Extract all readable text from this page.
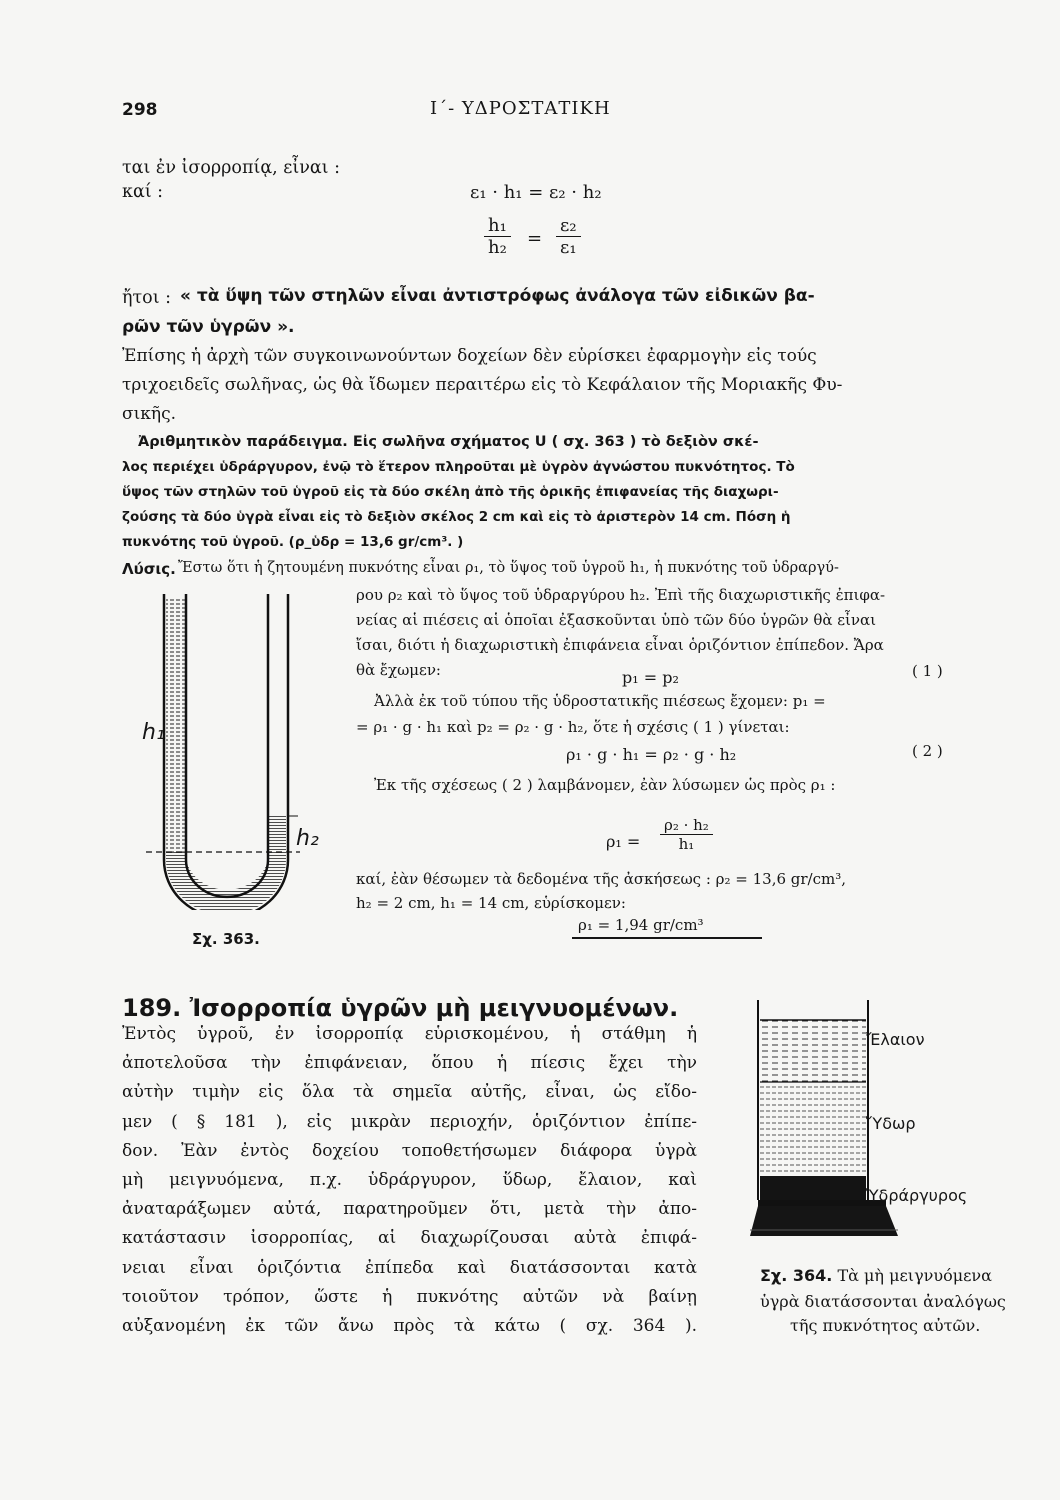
298	Ι΄- ΥΔΡΟΣΤΑΤΙΚΗ
ται ἐν ἰσορροπίᾳ, εἶναι :
καί :	ε₁ · h₁ = ε₂ · h₂
$\frac{\text{h₁}}{\text{h₂}} = \frac{\text{ε₂}}{\text{ε₁}}$
ἤτοι : « τὰ ὕψη τῶν στηλῶν εἶναι ἀντιστρόφως ἀνάλογα τῶν εἰδικῶν βα-
ρῶν τῶν ὑγρῶν ».
Ἐπίσης ἡ ἀρχὴ τῶν συγκοινωνούντων δοχείων δὲν εὑρίσκει ἐφαρμογὴν εἰς τούς
τριχοειδεῖς σωλῆνας, ὡς θὰ ἴδωμεν περαιτέρω εἰς τὸ Κεφάλαιον τῆς Μοριακῆς Φυ-
σικῆς.
Ἀριθμητικὸν παράδειγμα. Εἰς σωλῆνα σχήματος U ( σχ. 363 ) τὸ δεξιὸν σκέ-
λος περιέχει ὑδράργυρον, ἐνῷ τὸ ἕτερον πληροῦται μὲ ὑγρὸν ἀγνώστου πυκνότητος. Τὸ
ὕψος τῶν στηλῶν τοῦ ὑγροῦ εἰς τὰ δύο σκέλη ἀπὸ τῆς ὁρικῆς ἐπιφανείας τῆς διαχωρι-
ζούσης τὰ δύο ὑγρὰ εἶναι εἰς τὸ δεξιὸν σκέλος 2 cm καὶ εἰς τὸ ἀριστερὸν 14 cm. Πόση ἡ
πυκνότης τοῦ ὑγροῦ. (ρ_ὑδρ = 13,6 gr/cm³. )
Λύσις. Ἔστω ὅτι ἡ ζητουμένη πυκνότης εἶναι ρ₁, τὸ ὕψος τοῦ ὑγροῦ h₁, ἡ πυκνότης τοῦ ὑδραργύ-
ρου ρ₂ καὶ τὸ ὕψος τοῦ ὑδραργύρου h₂. Ἐπὶ τῆς διαχωριστικῆς ἐπιφα-
νείας αἱ πιέσεις αἱ ὁποῖαι ἐξασκοῦνται ὑπὸ τῶν δύο ὑγρῶν θὰ εἶναι
ἴσαι, διότι ἡ διαχωριστικὴ ἐπιφάνεια εἶναι ὁριζόντιον ἐπίπεδον. Ἄρα
θὰ ἔχωμεν:	p₁ = p₂	( 1 )
Ἀλλὰ ἐκ τοῦ τύπου τῆς ὑδροστατικῆς πιέσεως ἔχομεν: p₁ =
= ρ₁ · g · h₁ καὶ p₂ = ρ₂ · g · h₂, ὅτε ἡ σχέσις ( 1 ) γίνεται:
ρ₁ · g · h₁ = ρ₂ · g · h₂	( 2 )
Ἐκ τῆς σχέσεως ( 2 ) λαμβάνομεν, ἐὰν λύσωμεν ὡς πρὸς ρ₁ :
$\rho_1 = \frac{\text{ρ₂ · h₂}}{\text{h₁}}$
καί, ἐὰν θέσωμεν τὰ δεδομένα τῆς ἀσκήσεως : ρ₂ = 13,6 gr/cm³,
h₂ = 2 cm, h₁ = 14 cm, εὑρίσκομεν:
ρ₁ = 1,94 gr/cm³
h₁
h₂
Σχ. 363.
189. Ἰσορροπία ὑγρῶν μὴ μειγνυομένων.
Ἐντὸς ὑγροῦ, ἐν ἰσορροπίᾳ εὑρισκομένου, ἡ στάθμη ἡ
ἀποτελοῦσα τὴν ἐπιφάνειαν, ὅπου ἡ πίεσις ἔχει τὴν
αὐτὴν τιμὴν εἰς ὅλα τὰ σημεῖα αὐτῆς, εἶναι, ὡς εἴδο-
μεν ( § 181 ), εἰς μικρὰν περιοχήν, ὁριζόντιον ἐπίπε-
δον. Ἐὰν ἐντὸς δοχείου τοποθετήσωμεν διάφορα ὑγρὰ
μὴ μειγνυόμενα, π.χ. ὑδράργυρον, ὕδωρ, ἔλαιον, καὶ
ἀναταράξωμεν αὐτά, παρατηροῦμεν ὅτι, μετὰ τὴν ἀπο-
κατάστασιν ἰσορροπίας, αἱ διαχωρίζουσαι αὐτὰ ἐπιφά-
νειαι εἶναι ὁριζόντια ἐπίπεδα καὶ διατάσσονται κατὰ
τοιοῦτον τρόπον, ὥστε ἡ πυκνότης αὐτῶν νὰ βαίνῃ
αὐξανομένη ἐκ τῶν ἄνω πρὸς τὰ κάτω ( σχ. 364 ).
Ἔλαιον
Ὕδωρ
Ὑδράργυρος
Σχ. 364. Τὰ μὴ μειγνυόμενα
ὑγρὰ διατάσσονται ἀναλόγως
τῆς πυκνότητος αὐτῶν.
